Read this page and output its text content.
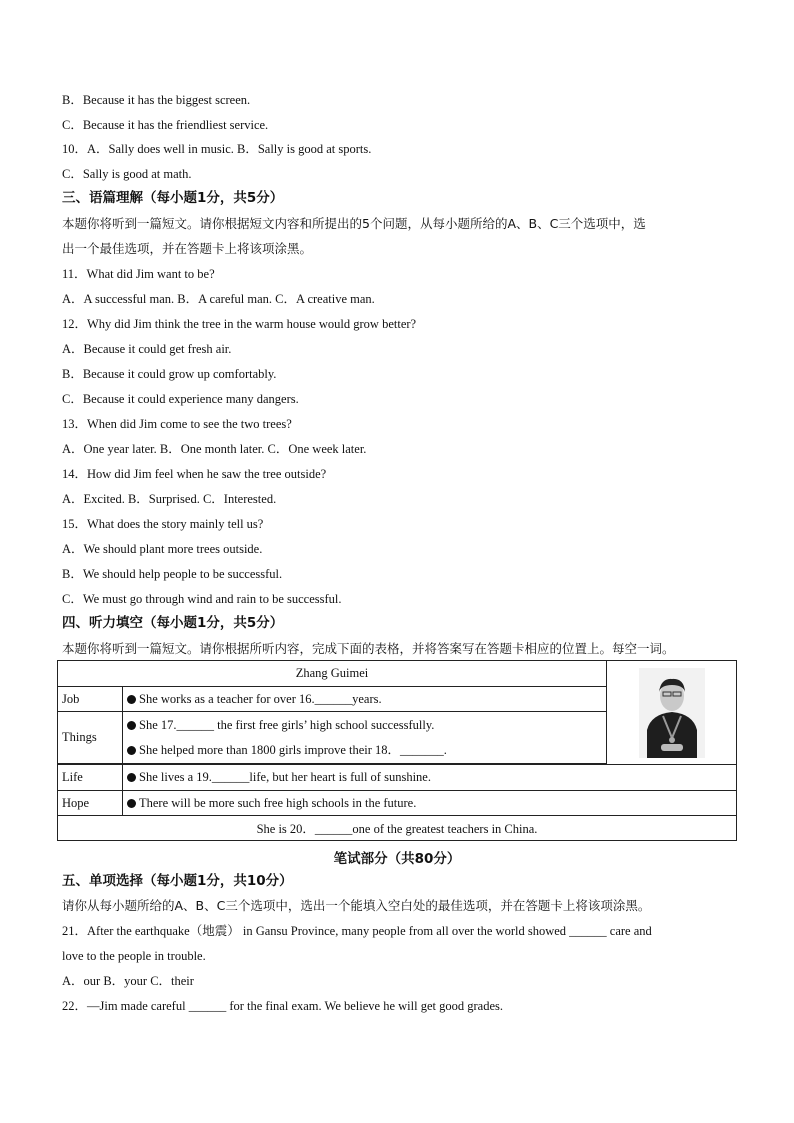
B．Because it has the biggest screen.
C．Because it has the friendliest service.
10．A．Sally does well in music. B．Sally is good at sports.
C．Sally is good at math.
三、语篇理解（每小题1分，共5分）
本题你将听到一篇短文。请你根据短文内容和所提出的5个问题，从每小题所给的A、B、C三个选项中，选
出一个最佳选项，并在答题卡上将该项涂黑。
11．What did Jim want to be?
A．A successful man. B．A careful man. C．A creative man.
12．Why did Jim think the tree in the warm house would grow better?
A．Because it could get fresh air.
B．Because it could grow up comfortably.
C．Because it could experience many dangers.
13．When did Jim come to see the two trees?
A．One year later. B．One month later. C．One week later.
14．How did Jim feel when he saw the tree outside?
A．Excited. B．Surprised. C．Interested.
15．What does the story mainly tell us?
A．We should plant more trees outside.
B．We should help people to be successful.
C．We must go through wind and rain to be successful.
四、听力填空（每小题1分，共5分）
本题你将听到一篇短文。请你根据所听内容，完成下面的表格，并将答案写在答题卡相应的位置上。每空一词。
Zhang Guimei	

Job	She works as a teacher for over 16.______years.	
Things	She 17.______ the first free girls’ high school successfully.
She helped more than 1800 girls improve their 18．_______.	

Life	She lives a 19.______life, but her heart is full of sunshine.	
Hope	There will be more such free high schools in the future.	
She is 20．______one of the greatest teachers in China.		
笔试部分（共80分）
五、单项选择（每小题1分，共10分）
请你从每小题所给的A、B、C三个选项中，选出一个能填入空白处的最佳选项，并在答题卡上将该项涂黑。
21．After the earthquake（地震） in Gansu Province, many people from all over the world showed ______ care and
love to the people in trouble.
A．our B．your C．their
22．—Jim made careful ______ for the final exam. We believe he will get good grades.
